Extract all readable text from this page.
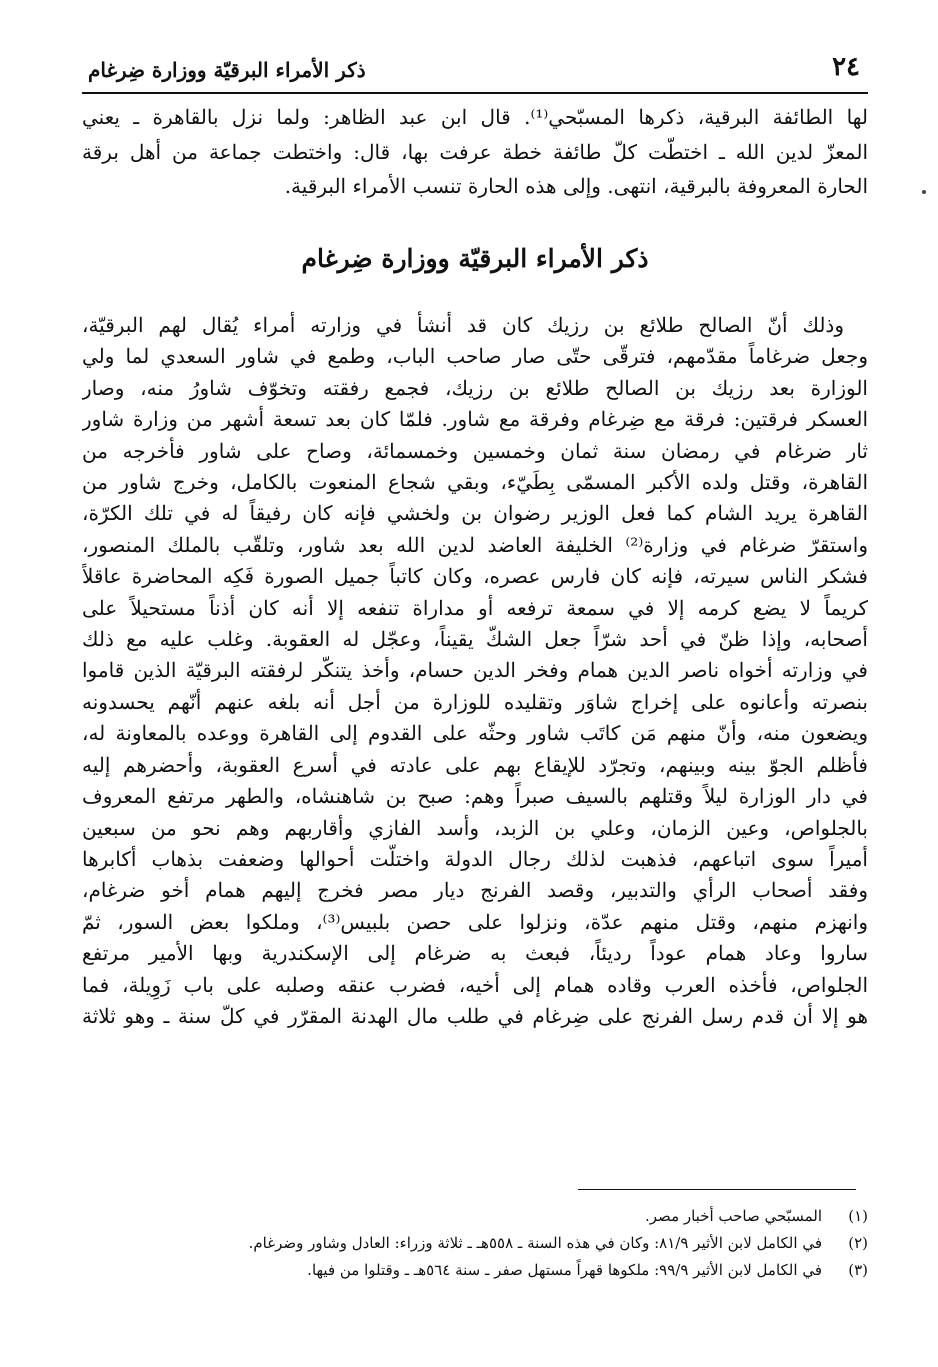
٢٤
ذكر الأمراء البرقيّة ووزارة ضِرغام

لها الطائفة البرقية، ذكرها المسبّحي⁽¹⁾. قال ابن عبد الظاهر: ولما نزل بالقاهرة ـ يعني
المعزّ لدين الله ـ اختطّت كلّ طائفة خطة عرفت بها، قال: واختطت جماعة من أهل برقة
الحارة المعروفة بالبرقية، انتهى. وإلى هذه الحارة تنسب الأمراء البرقية.

ذكر الأمراء البرقيّة ووزارة ضِرغام
وذلك أنّ الصالح طلائع بن رزيك كان قد أنشأ في وزارته أمراء يُقال لهم البرقيّة،
وجعل ضرغاماً مقدّمهم، فترقّى حتّى صار صاحب الباب، وطمع في شاور السعدي لما ولي
الوزارة بعد رزيك بن الصالح طلائع بن رزيك، فجمع رفقته وتخوّف شاورُ منه، وصار
العسكر فرقتين: فرقة مع ضِرغام وفرقة مع شاور. فلمّا كان بعد تسعة أشهر من وزارة شاور
ثار ضرغام في رمضان سنة ثمان وخمسين وخمسمائة، وصاح على شاور فأخرجه من
القاهرة، وقتل ولده الأكبر المسمّى بِطَيّء، وبقي شجاع المنعوت بالكامل، وخرج شاور من
القاهرة يريد الشام كما فعل الوزير رضوان بن ولخشي فإنه كان رفيقاً له في تلك الكرّة،
واستقرّ ضرغام في وزارة⁽²⁾ الخليفة العاضد لدين الله بعد شاور، وتلقّب بالملك المنصور،
فشكر الناس سيرته، فإنه كان فارس عصره، وكان كاتباً جميل الصورة فَكِه المحاضرة عاقلاً
كريماً لا يضع كرمه إلا في سمعة ترفعه أو مداراة تنفعه إلا أنه كان أذناً مستحيلاً على
أصحابه، وإذا ظنّ في أحد شرّاً جعل الشكّ يقيناً، وعجّل له العقوبة. وغلب عليه مع ذلك
في وزارته أخواه ناصر الدين همام وفخر الدين حسام، وأخذ يتنكّر لرفقته البرقيّة الذين قاموا
بنصرته وأعانوه على إخراج شاوَر وتقليده للوزارة من أجل أنه بلغه عنهم أنّهم يحسدونه
ويضعون منه، وأنّ منهم مَن كاتَب شاور وحثّه على القدوم إلى القاهرة ووعده بالمعاونة له،
فأظلم الجوّ بينه وبينهم، وتجرّد للإيقاع بهم على عادته في أسرع العقوبة، وأحضرهم إليه
في دار الوزارة ليلاً وقتلهم بالسيف صبراً وهم: صبح بن شاهنشاه، والطهر مرتفع المعروف
بالجلواص، وعين الزمان، وعلي بن الزبد، وأسد الفازي وأقاربهم وهم نحو من سبعين
أميراً سوى اتباعهم، فذهبت لذلك رجال الدولة واختلّت أحوالها وضعفت بذهاب أكابرها
وفقد أصحاب الرأي والتدبير، وقصد الفرنج ديار مصر فخرج إليهم همام أخو ضرغام،
وانهزم منهم، وقتل منهم عدّة، ونزلوا على حصن بلبيس⁽³⁾، وملكوا بعض السور، ثمّ
ساروا وعاد همام عوداً رديئاً، فبعث به ضرغام إلى الإسكندرية وبها الأمير مرتفع
الجلواص، فأخذه العرب وقاده همام إلى أخيه، فضرب عنقه وصلبه على باب زَوِيلة، فما
هو إلا أن قدم رسل الفرنج على ضِرغام في طلب مال الهدنة المقرّر في كلّ سنة ـ وهو ثلاثة
(١)
المسبّحي صاحب أخبار مصر.
(٢)
في الكامل لابن الأثير ٨١/٩: وكان في هذه السنة ـ ٥٥٨هـ ـ ثلاثة وزراء: العادل وشاور وضرغام.
(٣)
في الكامل لابن الأثير ٩٩/٩: ملكوها قهراً مستهل صفر ـ سنة ٥٦٤هـ ـ وقتلوا من فيها.
